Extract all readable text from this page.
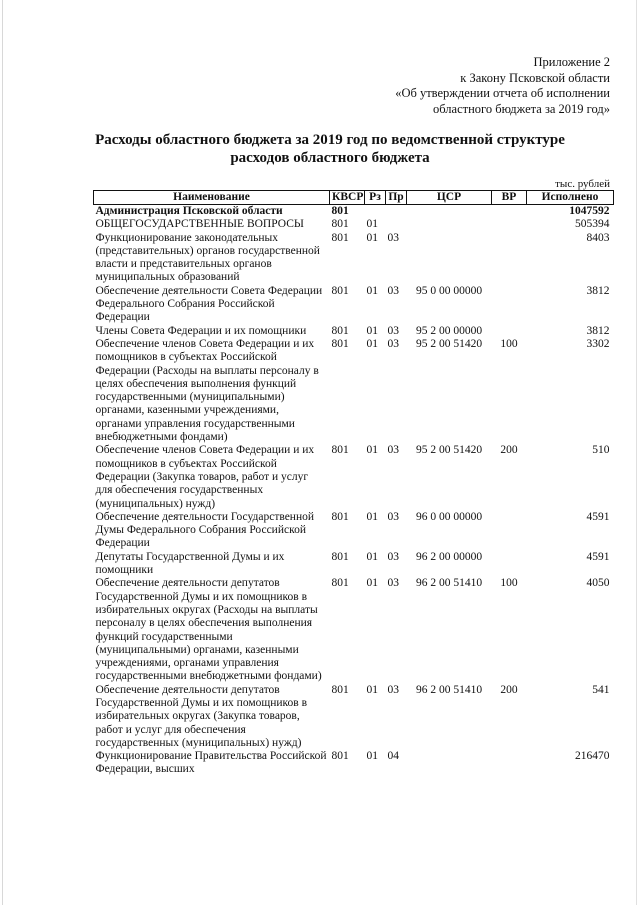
Приложение 2
к Закону Псковской области
«Об утверждении отчета об исполнении
областного бюджета за 2019 год»
Расходы областного бюджета за 2019 год по ведомственной структуре
расходов областного бюджета
тыс. рублей
Наименование	КВСР	Рз	Пр	ЦСР	ВР	Исполнено
Администрация Псковской области	801					1047592
ОБЩЕГОСУДАРСТВЕННЫЕ ВОПРОСЫ	801	01				505394
Функционирование законодательных (представительных) органов государственной власти и представительных органов муниципальных образований	801	01	03			8403
Обеспечение деятельности Совета Федерации Федерального Собрания Российской Федерации	801	01	03	95 0 00 00000		3812
Члены Совета Федерации и их помощники	801	01	03	95 2 00 00000		3812
Обеспечение членов Совета Федерации и их помощников в субъектах Российской Федерации (Расходы на выплаты персоналу в целях обеспечения выполнения функций государственными (муниципальными) органами, казенными учреждениями, органами управления государственными внебюджетными фондами)	801	01	03	95 2 00 51420	100	3302
Обеспечение членов Совета Федерации и их помощников в субъектах Российской Федерации (Закупка товаров, работ и услуг для обеспечения государственных (муниципальных) нужд)	801	01	03	95 2 00 51420	200	510
Обеспечение деятельности Государственной Думы Федерального Собрания Российской Федерации	801	01	03	96 0 00 00000		4591
Депутаты Государственной Думы и их помощники	801	01	03	96 2 00 00000		4591
Обеспечение деятельности депутатов Государственной Думы и их помощников в избирательных округах (Расходы на выплаты персоналу в целях обеспечения выполнения функций государственными (муниципальными) органами, казенными учреждениями, органами управления государственными внебюджетными фондами)	801	01	03	96 2 00 51410	100	4050
Обеспечение деятельности депутатов Государственной Думы и их помощников в избирательных округах (Закупка товаров, работ и услуг для обеспечения государственных (муниципальных) нужд)	801	01	03	96 2 00 51410	200	541
Функционирование Правительства Российской Федерации, высших	801	01	04			216470
